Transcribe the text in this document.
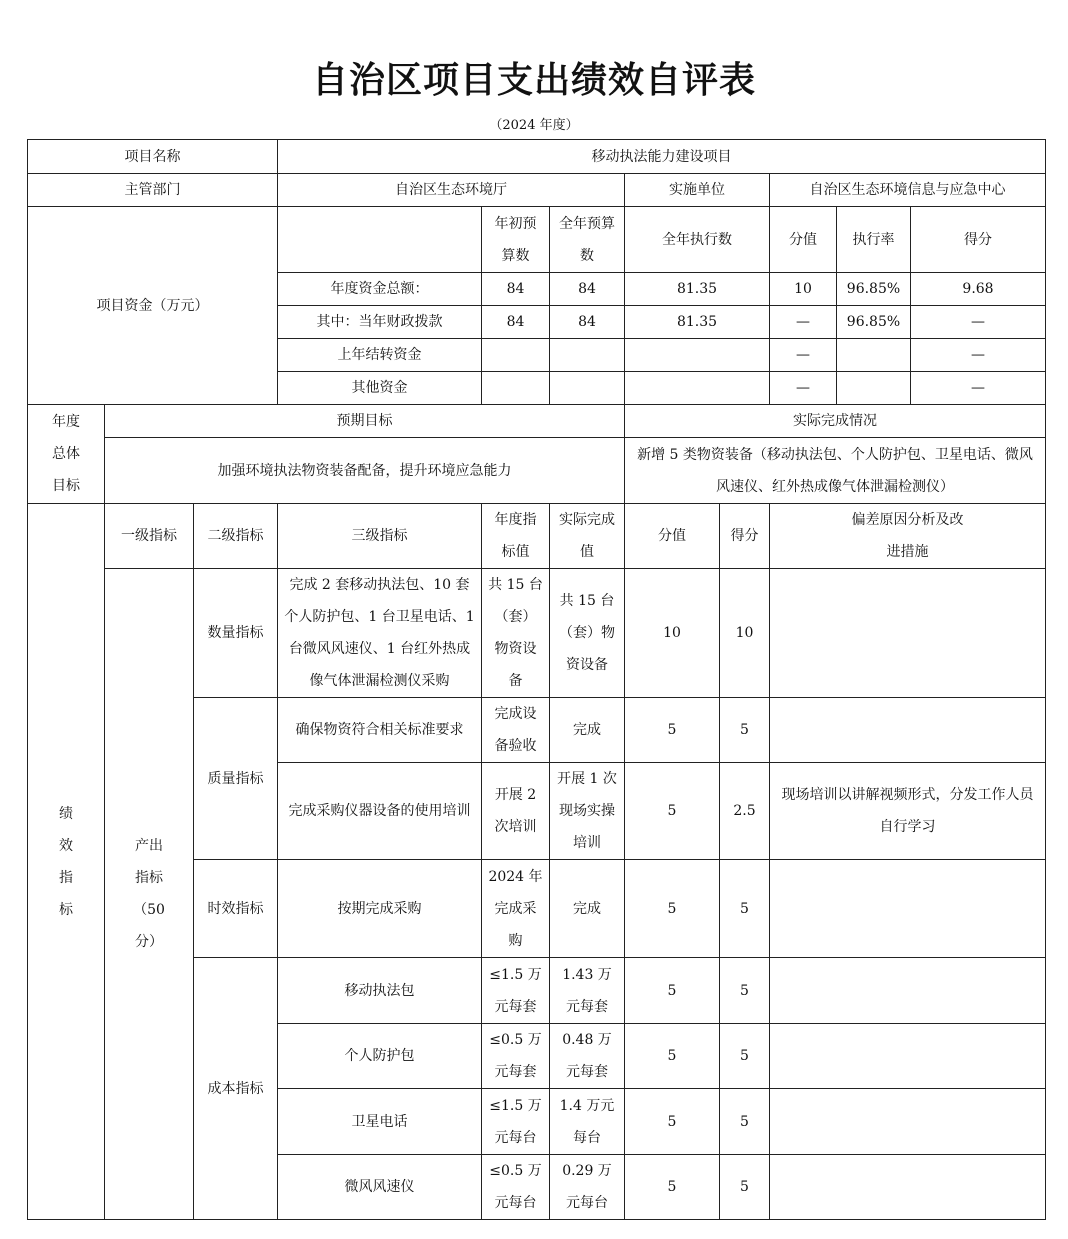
自治区项目支出绩效自评表
（2024 年度）
项目名称			移动执法能力建设项目							
主管部门			自治区生态环境厅			实施单位		自治区生态环境信息与应急中心		
项目资金（万元）				年初预算数	全年预算数	全年执行数		分值	执行率	得分
			年度资金总额：	84	84	81.35		10	96.85%	9.68
			其中：当年财政拨款	84	84	81.35		—	96.85%	—
			上年结转资金					—		—
			其他资金					—		—
年度总体目标	预期目标					实际完成情况				
	加强环境执法物资装备配备，提升环境应急能力					新增 5 类物资装备（移动执法包、个人防护包、卫星电话、微风风速仪、红外热成像气体泄漏检测仪）				
绩效指标	一级指标	二级指标	三级指标	年度指标值	实际完成值	分值	得分	偏差原因分析及改进措施		
	产出指标（50 分）	数量指标	完成 2 套移动执法包、10 套个人防护包、1 台卫星电话、1 台微风风速仪、1 台红外热成像气体泄漏检测仪采购	共 15 台（套）物资设备	共 15 台（套）物资设备	10	10			
		质量指标	确保物资符合相关标准要求	完成设备验收	完成	5	5			
			完成采购仪器设备的使用培训	开展 2 次培训	开展 1 次现场实操培训	5	2.5	现场培训以讲解视频形式，分发工作人员自行学习		
		时效指标	按期完成采购	2024 年完成采购	完成	5	5			
		成本指标	移动执法包	≤1.5 万元每套	1.43 万元每套	5	5			
			个人防护包	≤0.5 万元每套	0.48 万元每套	5	5			
			卫星电话	≤1.5 万元每台	1.4 万元每台	5	5			
			微风风速仪	≤0.5 万元每台	0.29 万元每台	5	5			
